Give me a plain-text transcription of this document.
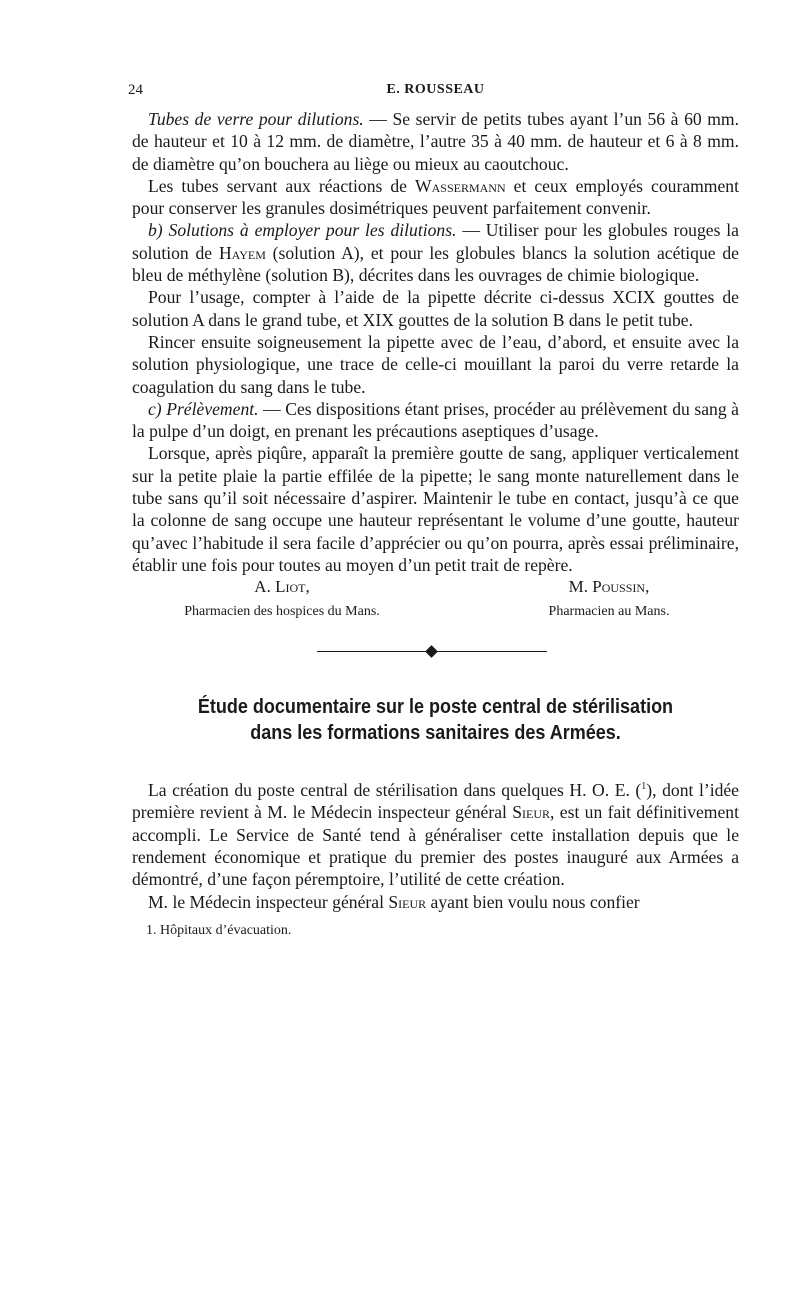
24	E. ROUSSEAU

Tubes de verre pour dilutions. — Se servir de petits tubes ayant l’un 56 à 60 mm. de hauteur et 10 à 12 mm. de diamètre, l’autre 35 à 40 mm. de hauteur et 6 à 8 mm. de diamètre qu’on bouchera au liège ou mieux au caoutchouc.

Les tubes servant aux réactions de Wassermann et ceux employés couramment pour conserver les granules dosimétriques peuvent parfaitement convenir.

b) Solutions à employer pour les dilutions. — Utiliser pour les globules rouges la solution de Hayem (solution A), et pour les globules blancs la solution acétique de bleu de méthylène (solution B), décrites dans les ouvrages de chimie biologique.

Pour l’usage, compter à l’aide de la pipette décrite ci-dessus XCIX gouttes de solution A dans le grand tube, et XIX gouttes de la solution B dans le petit tube.

Rincer ensuite soigneusement la pipette avec de l’eau, d’abord, et ensuite avec la solution physiologique, une trace de celle-ci mouillant la paroi du verre retarde la coagulation du sang dans le tube.

c) Prélèvement. — Ces dispositions étant prises, procéder au prélèvement du sang à la pulpe d’un doigt, en prenant les précautions aseptiques d’usage.

Lorsque, après piqûre, apparaît la première goutte de sang, appliquer verticalement sur la petite plaie la partie effilée de la pipette; le sang monte naturellement dans le tube sans qu’il soit nécessaire d’aspirer. Maintenir le tube en contact, jusqu’à ce que la colonne de sang occupe une hauteur représentant le volume d’une goutte, hauteur qu’avec l’habitude il sera facile d’apprécier ou qu’on pourra, après essai préliminaire, établir une fois pour toutes au moyen d’un petit trait de repère.

A. Liot,
Pharmacien des hospices du Mans.
M. Poussin,
Pharmacien au Mans.
Étude documentaire sur le poste central de stérilisation
dans les formations sanitaires des Armées.

La création du poste central de stérilisation dans quelques H. O. E. ($^1$), dont l’idée première revient à M. le Médecin inspecteur général Sieur, est un fait définitivement accompli. Le Service de Santé tend à généraliser cette installation depuis que le rendement économique et pratique du premier des postes inauguré aux Armées a démontré, d’une façon péremptoire, l’utilité de cette création.

M. le Médecin inspecteur général Sieur ayant bien voulu nous confier

1. Hôpitaux d’évacuation.
